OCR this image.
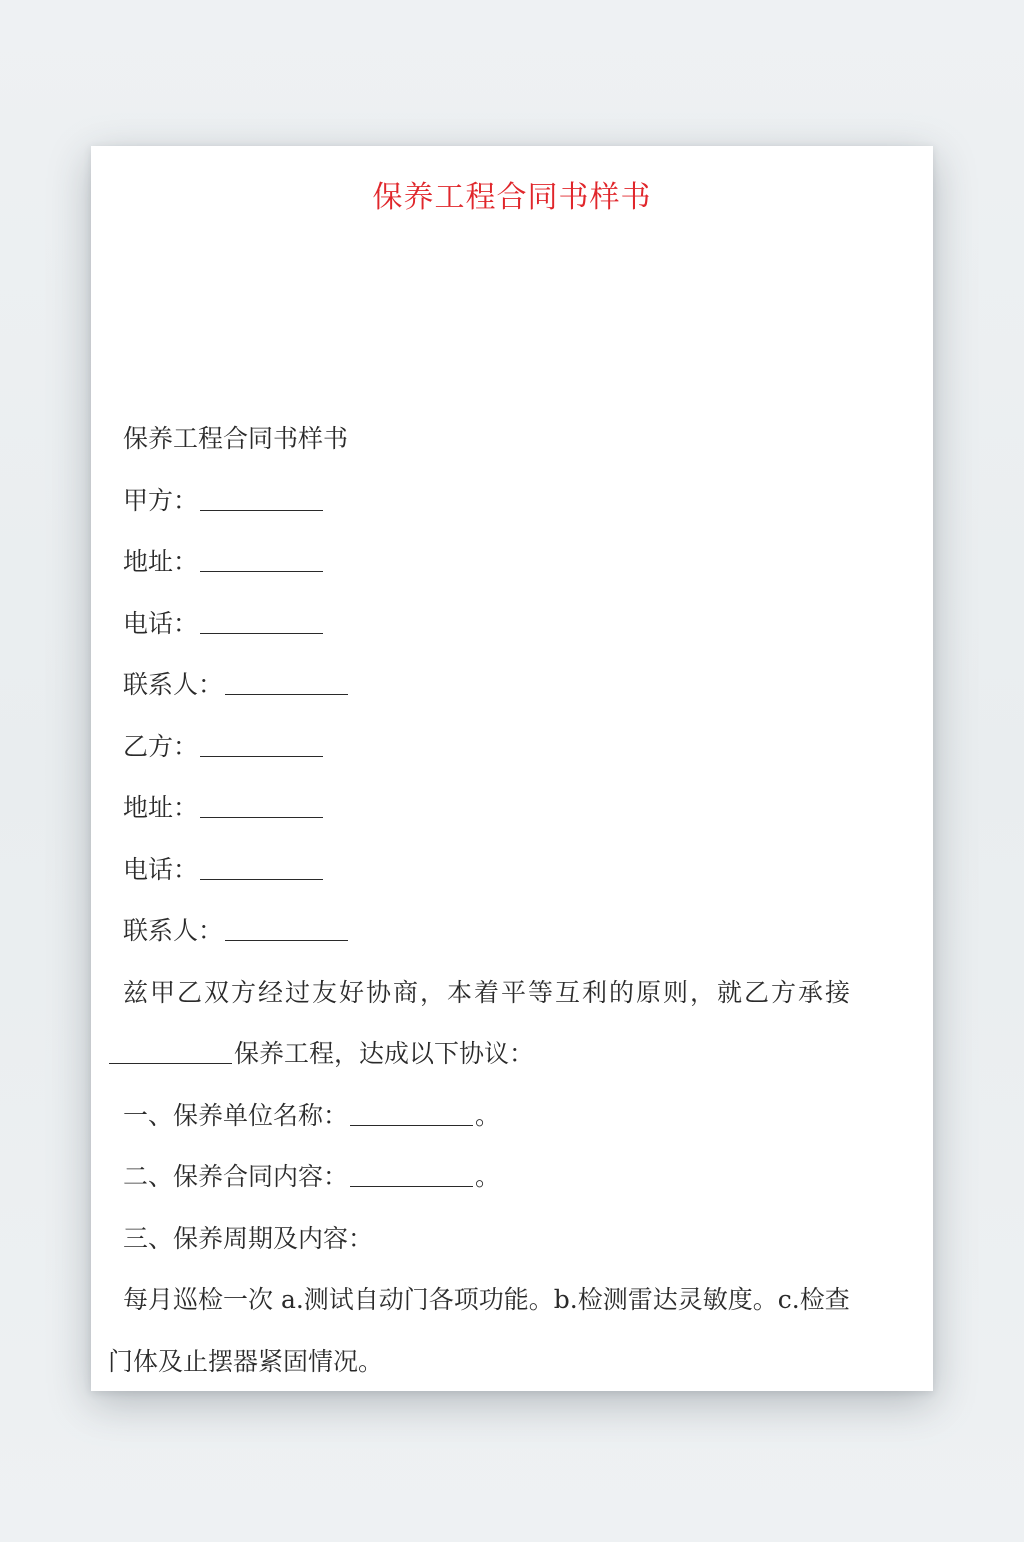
保养工程合同书样书
保养工程合同书样书
甲方：
地址：
电话：
联系人：
乙方：
地址：
电话：
联系人：
兹甲乙双方经过友好协商，本着平等互利的原则，就乙方承接
保养工程，达成以下协议：
一、保养单位名称：	。
二、保养合同内容：	。
三、保养周期及内容：
每月巡检一次 a.测试自动门各项功能。b.检测雷达灵敏度。c.检查
门体及止摆器紧固情况。
